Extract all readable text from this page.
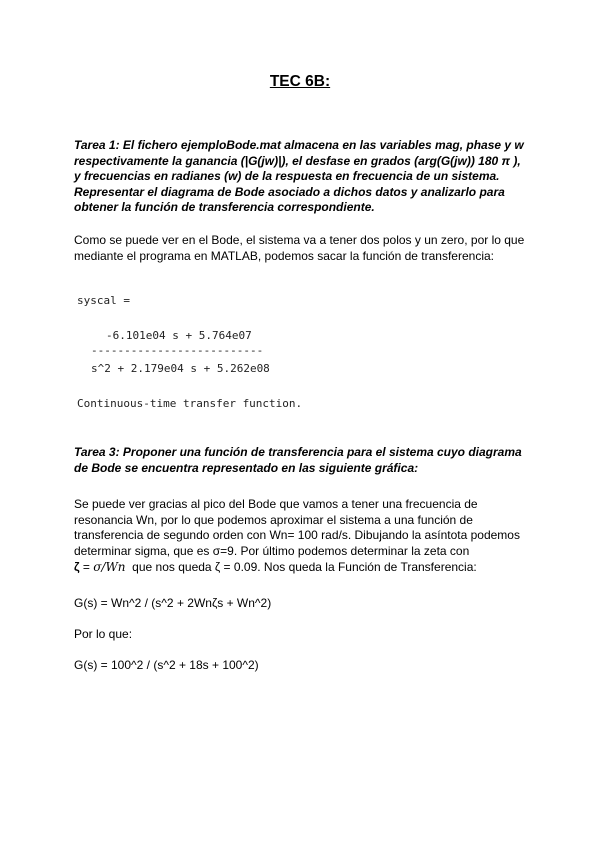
TEC 6B:
Tarea 1: El fichero ejemploBode.mat almacena en las variables mag, phase y w
respectivamente la ganancia (|G(jw)|), el desfase en grados (arg(G(jw)) 180 π ),
y frecuencias en radianes (w) de la respuesta en frecuencia de un sistema.
Representar el diagrama de Bode asociado a dichos datos y analizarlo para
obtener la función de transferencia correspondiente.
Como se puede ver en el Bode, el sistema va a tener dos polos y un zero, por lo que
mediante el programa en MATLAB, podemos sacar la función de transferencia:
syscal =
-6.101e04 s + 5.764e07
--------------------------
s^2 + 2.179e04 s + 5.262e08
Continuous-time transfer function.
Tarea 3: Proponer una función de transferencia para el sistema cuyo diagrama
de Bode se encuentra representado en las siguiente gráfica:
Se puede ver gracias al pico del Bode que vamos a tener una frecuencia de
resonancia Wn, por lo que podemos aproximar el sistema a una función de
transferencia de segundo orden con Wn= 100 rad/s. Dibujando la asíntota podemos
determinar sigma, que es σ=9. Por último podemos determinar la zeta con
ζ = σ/Wn  que nos queda ζ = 0.09. Nos queda la Función de Transferencia:
G(s) = Wn^2 / (s^2 + 2Wnζs + Wn^2)
Por lo que:
G(s) = 100^2 / (s^2 + 18s + 100^2)
